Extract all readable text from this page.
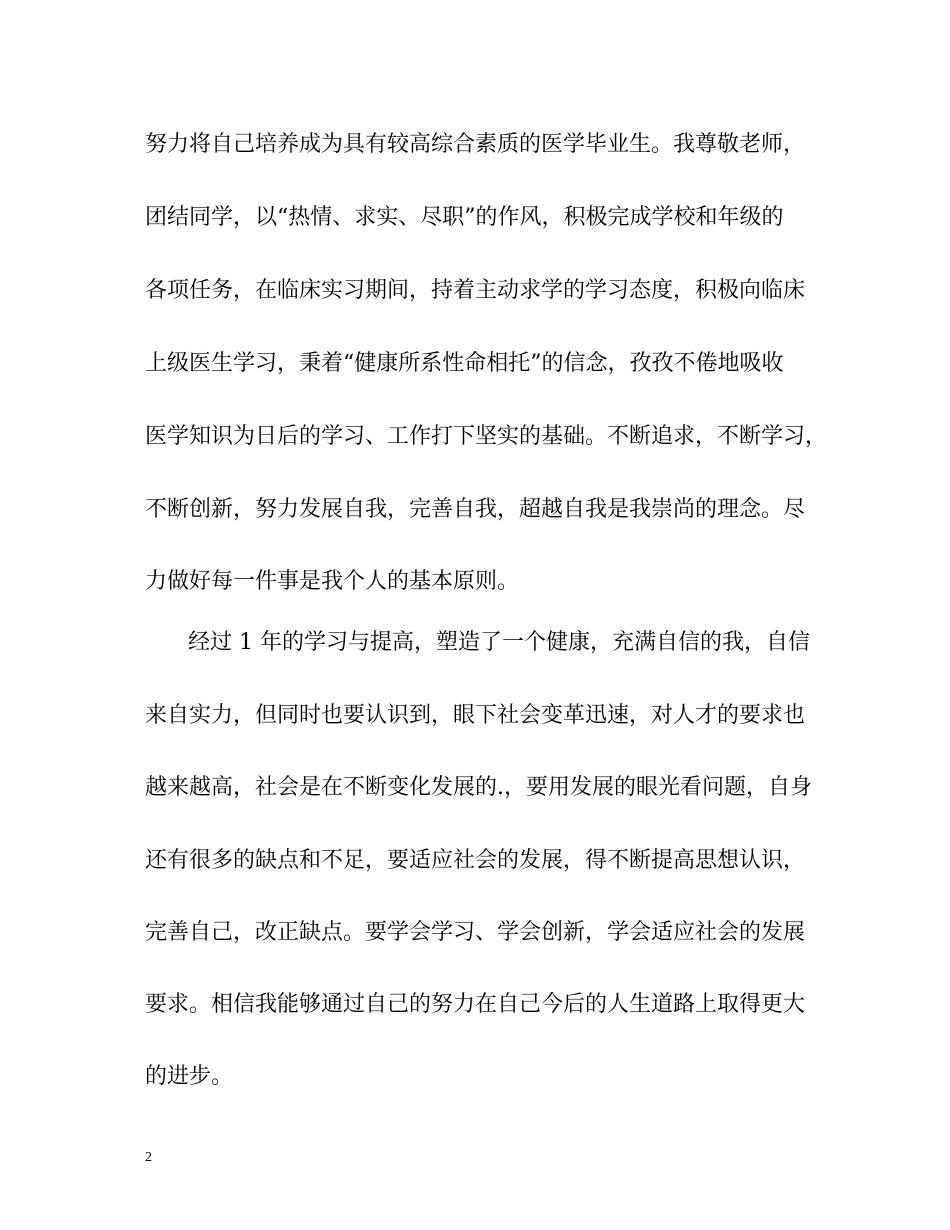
努力将自己培养成为具有较高综合素质的医学毕业生。我尊敬老师，
团结同学，以“热情、求实、尽职”的作风，积极完成学校和年级的
各项任务，在临床实习期间，持着主动求学的学习态度，积极向临床
上级医生学习，秉着“健康所系性命相托”的信念，孜孜不倦地吸收
医学知识为日后的学习、工作打下坚实的基础。不断追求，不断学习，
不断创新，努力发展自我，完善自我，超越自我是我崇尚的理念。尽
力做好每一件事是我个人的基本原则。
经过 1 年的学习与提高，塑造了一个健康，充满自信的我，自信
来自实力，但同时也要认识到，眼下社会变革迅速，对人才的要求也
越来越高，社会是在不断变化发展的.，要用发展的眼光看问题，自身
还有很多的缺点和不足，要适应社会的发展，得不断提高思想认识，
完善自己，改正缺点。要学会学习、学会创新，学会适应社会的发展
要求。相信我能够通过自己的努力在自己今后的人生道路上取得更大
的进步。
2
